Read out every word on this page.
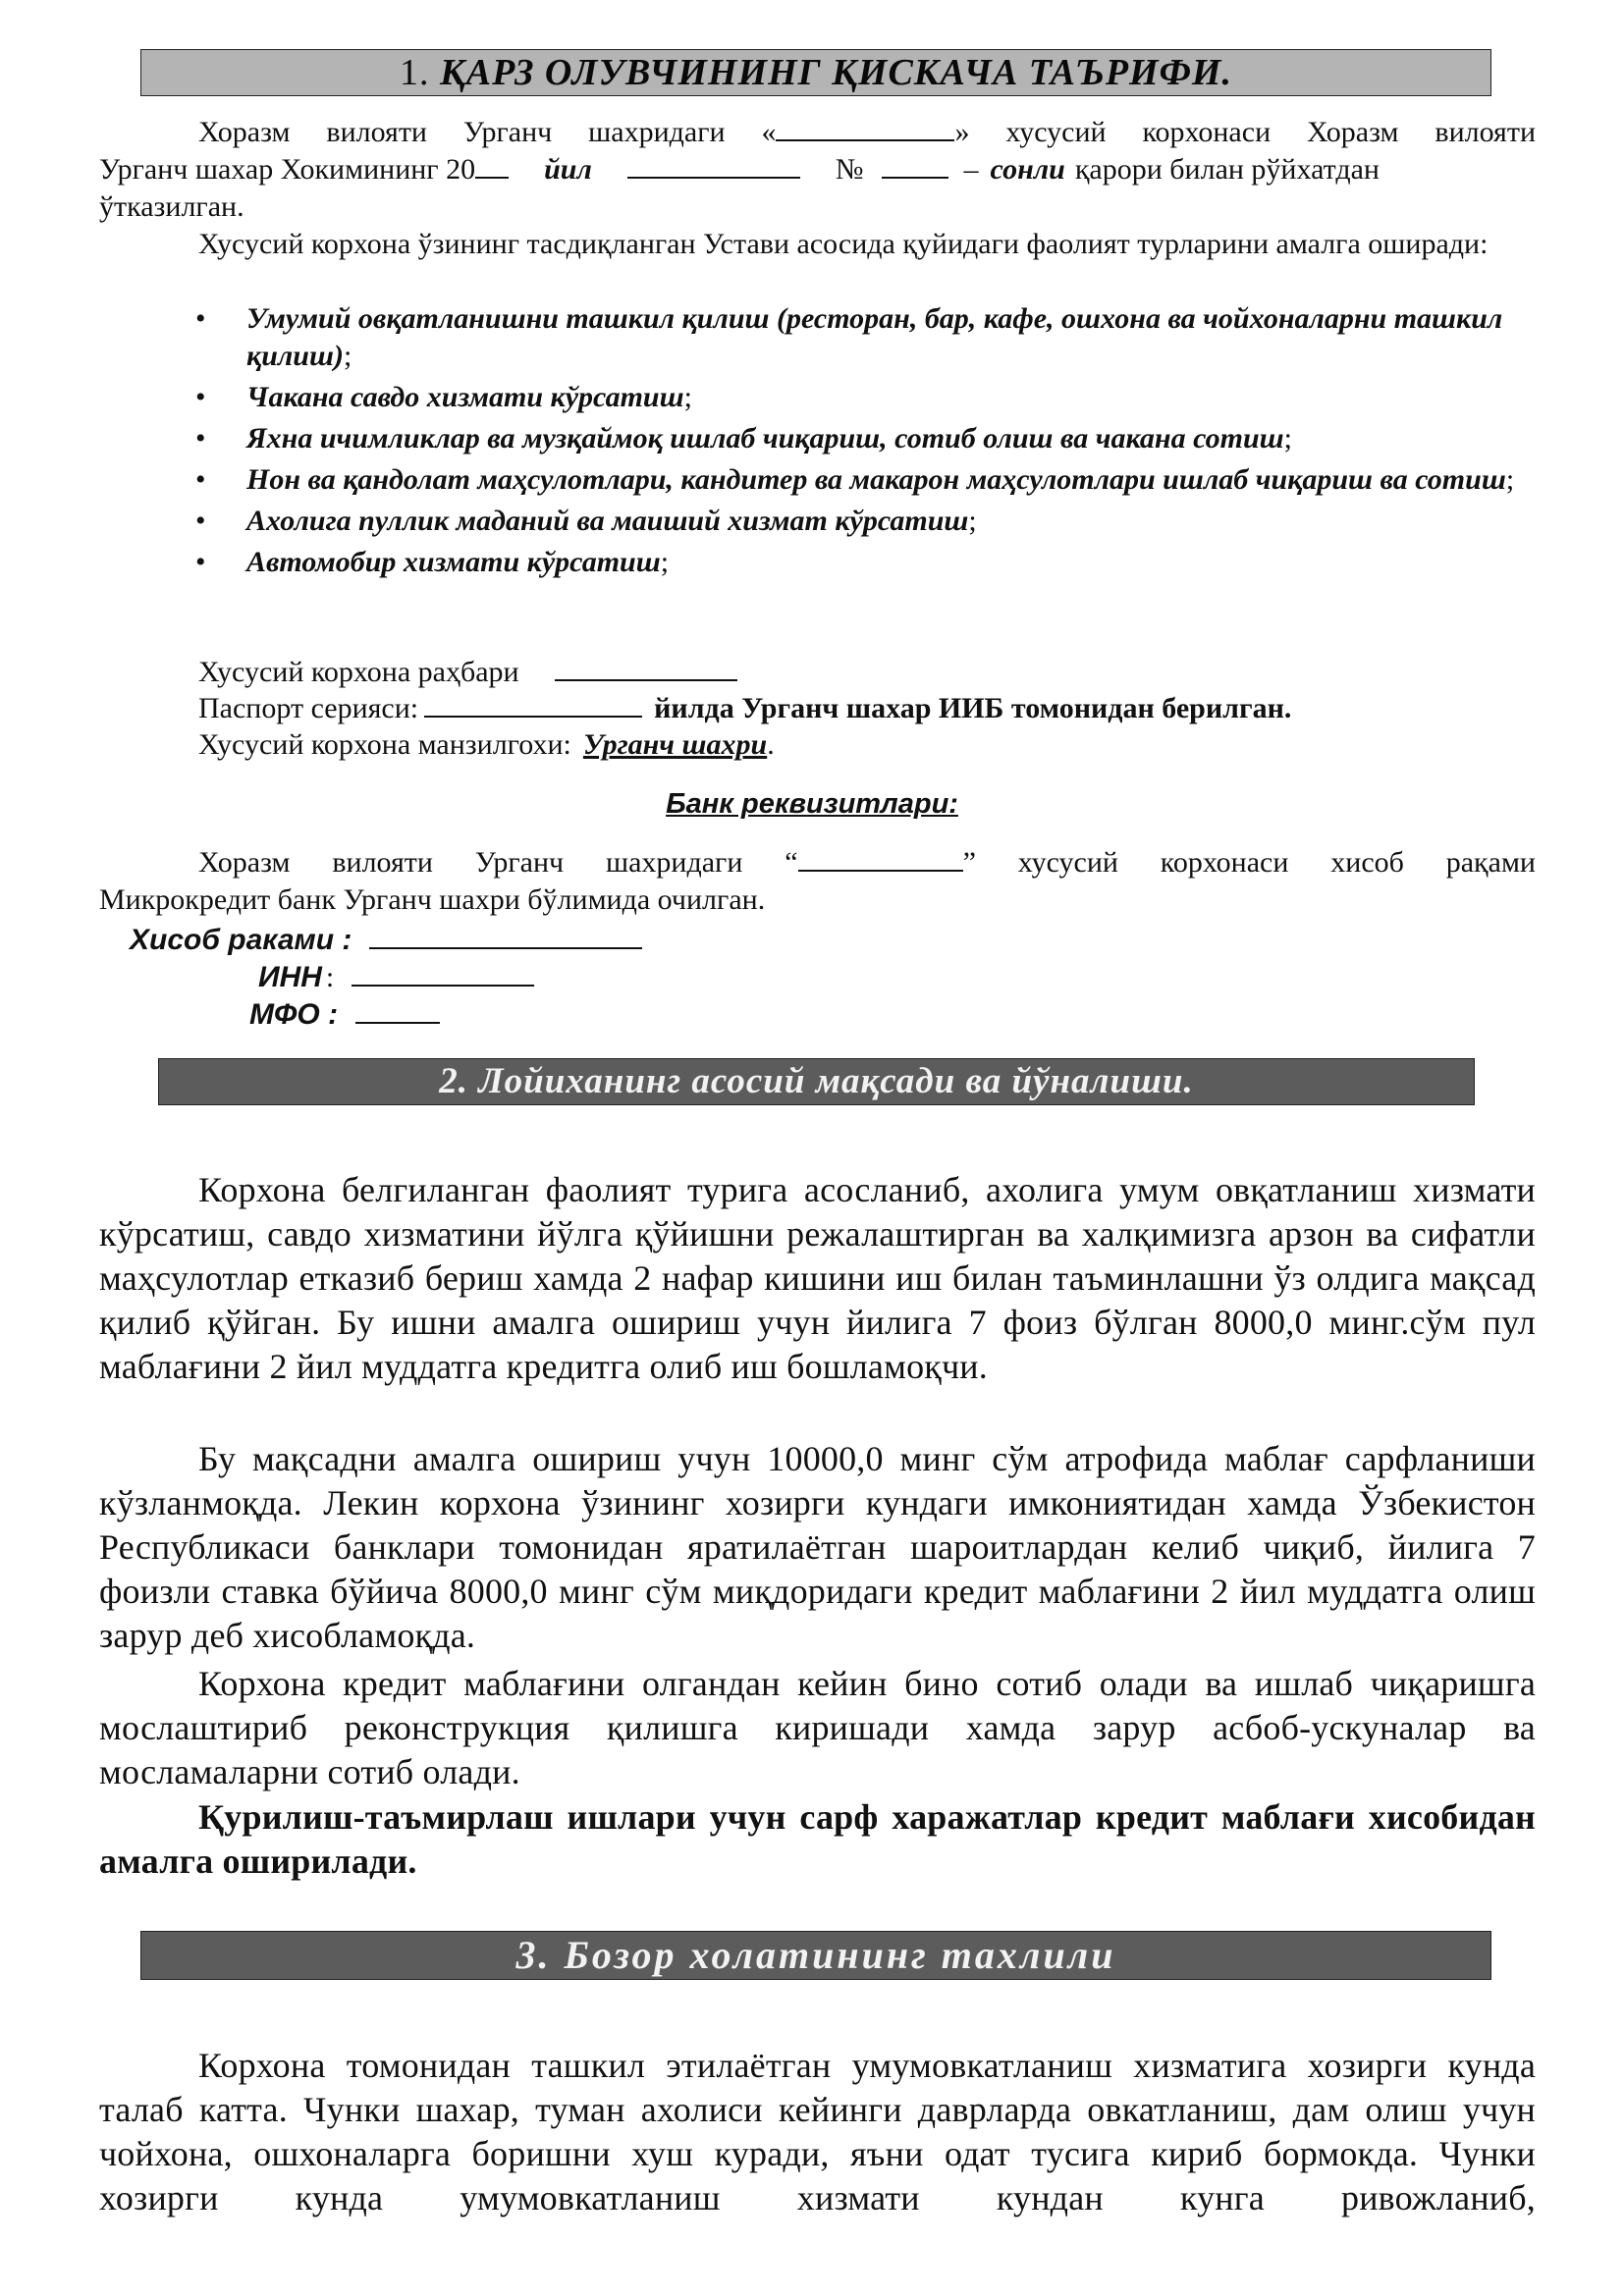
1. ҚАРЗ ОЛУВЧИНИНГ ҚИСКАЧА ТАЪРИФИ.

Хоразм вилояти Урганч шахридаги «	» хусусий корхонаси Хоразм вилояти

Урганч шахар Хокимининг 20 йил	№	– сонли қарори билан рўйхатдан

ўтказилган.

Хусусий корхона ўзининг тасдиқланган Устави асосида қуйидаги фаолият турларини амалга оширади:

• Умумий овқатланишни ташкил қилиш (ресторан, бар, кафе, ошхона ва чойхоналарни ташкил қилиш);
• Чакана савдо хизмати кўрсатиш;
• Яхна ичимликлар ва музқаймоқ ишлаб чиқариш, сотиб олиш ва чакана сотиш;
• Нон ва қандолат маҳсулотлари, кандитер ва макарон маҳсулотлари ишлаб чиқариш ва сотиш;
• Ахолига пуллик маданий ва маиший хизмат кўрсатиш;
• Автомобир хизмати кўрсатиш;
Хусусий корхона раҳбари
Паспорт серияси:	йилда Урганч шахар ИИБ томонидан берилган.
Хусусий корхона манзилгохи: Урганч шахри.
Банк реквизитлари:

Хоразм вилояти Урганч шахридаги “	” хусусий корхонаси хисоб рақами

Микрокредит банк Урганч шахри бўлимида очилган.

Хисоб раками :
ИНН :
МФО :
2. Лойиханинг асосий мақсади ва йўналиши.

Корхона белгиланган фаолият турига асосланиб, ахолига умум овқатланиш хизмати кўрсатиш, савдо хизматини йўлга қўйишни режалаштирган ва халқимизга арзон ва сифатли маҳсулотлар етказиб бериш хамда 2 нафар кишини иш билан таъминлашни ўз олдига мақсад қилиб қўйган. Бу ишни амалга ошириш учун йилига 7 фоиз бўлган 8000,0 минг.сўм пул маблағини 2 йил муддатга кредитга олиб иш бошламоқчи.

Бу мақсадни амалга ошириш учун 10000,0 минг сўм атрофида маблағ сарфланиши кўзланмоқда. Лекин корхона ўзининг хозирги кундаги имкониятидан хамда Ўзбекистон Республикаси банклари томонидан яратилаётган шароитлардан келиб чиқиб, йилига 7 фоизли ставка бўйича 8000,0 минг сўм миқдоридаги кредит маблағини 2 йил муддатга олиш зарур деб хисобламоқда.

Корхона кредит маблағини олгандан кейин бино сотиб олади ва ишлаб чиқаришга мослаштириб реконструкция қилишга киришади хамда зарур асбоб-ускуналар ва мосламаларни сотиб олади.

Қурилиш-таъмирлаш ишлари учун сарф харажатлар кредит маблағи хисобидан амалга оширилади.

3. Бозор холатининг тахлили

Корхона томонидан ташкил этилаётган умумовкатланиш хизматига хозирги кунда талаб катта. Чунки шахар, туман ахолиси кейинги даврларда овкатланиш, дам олиш учун чойхона, ошхоналарга боришни хуш куради, яъни одат тусига кириб бормокда. Чунки хозирги кунда умумовкатланиш хизмати кундан кунга ривожланиб,
